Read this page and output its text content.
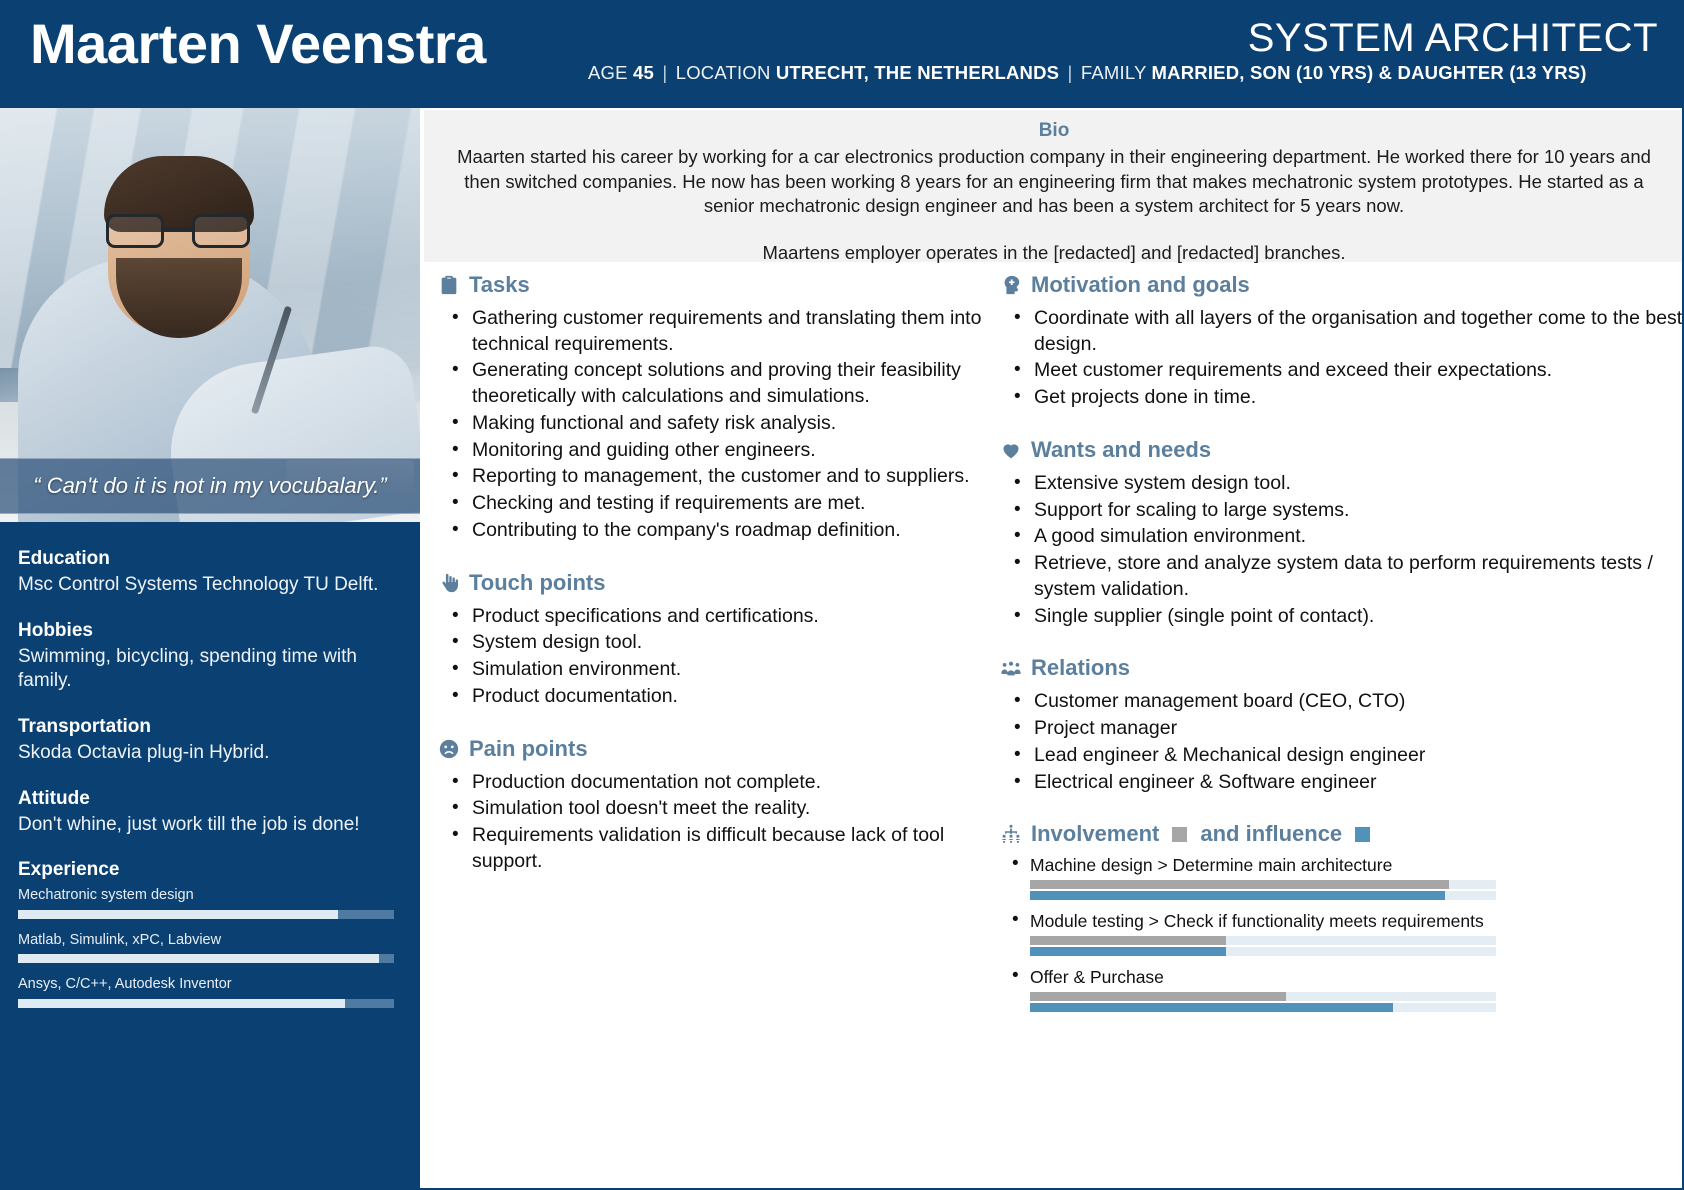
Maarten Veenstra	AGE 45 | LOCATION UTRECHT, THE NETHERLANDS | FAMILY MARRIED, SON (10 YRS) & DAUGHTER (13 YRS)
SYSTEM ARCHITECT
“ Can't do it is not in my vocubalary.”
Education
Msc Control Systems Technology TU Delft.
Hobbies
Swimming, bicycling, spending time with family.
Transportation
Skoda Octavia plug-in Hybrid.
Attitude
Don't whine, just work till the job is done!
Experience
Mechatronic system design
Matlab, Simulink, xPC, Labview
Ansys, C/C++, Autodesk Inventor
Bio
Maarten started his career by working for a car electronics production company in their engineering department. He worked there for 10 years and then switched companies. He now has been working 8 years for an engineering firm that makes mechatronic system prototypes. He started as a senior mechatronic design engineer and has been a system architect for 5 years now.
Maartens employer operates in the [redacted] and [redacted] branches.
Tasks
• Gathering customer requirements and translating them into technical requirements.
• Generating concept solutions and proving their feasibility theoretically with calculations and simulations.
• Making functional and safety risk analysis.
• Monitoring and guiding other engineers.
• Reporting to management, the customer and to suppliers.
• Checking and testing if requirements are met.
• Contributing to the company's roadmap definition.
Touch points
• Product specifications and certifications.
• System design tool.
• Simulation environment.
• Product documentation.
Pain points
• Production documentation not complete.
• Simulation tool doesn't meet the reality.
• Requirements validation is difficult because lack of tool support.
Motivation and goals
• Coordinate with all layers of the organisation and together come to the best design.
• Meet customer requirements and exceed their expectations.
• Get projects done in time.
Wants and needs
• Extensive system design tool.
• Support for scaling to large systems.
• A good simulation environment.
• Retrieve, store and analyze system data to perform requirements tests / system validation.
• Single supplier (single point of contact).
Relations
• Customer management board (CEO, CTO)
• Project manager
• Lead engineer & Mechanical design engineer
• Electrical engineer & Software engineer
Involvement and influence
• Machine design > Determine main architecture
• Module testing > Check if functionality meets requirements
• Offer & Purchase
